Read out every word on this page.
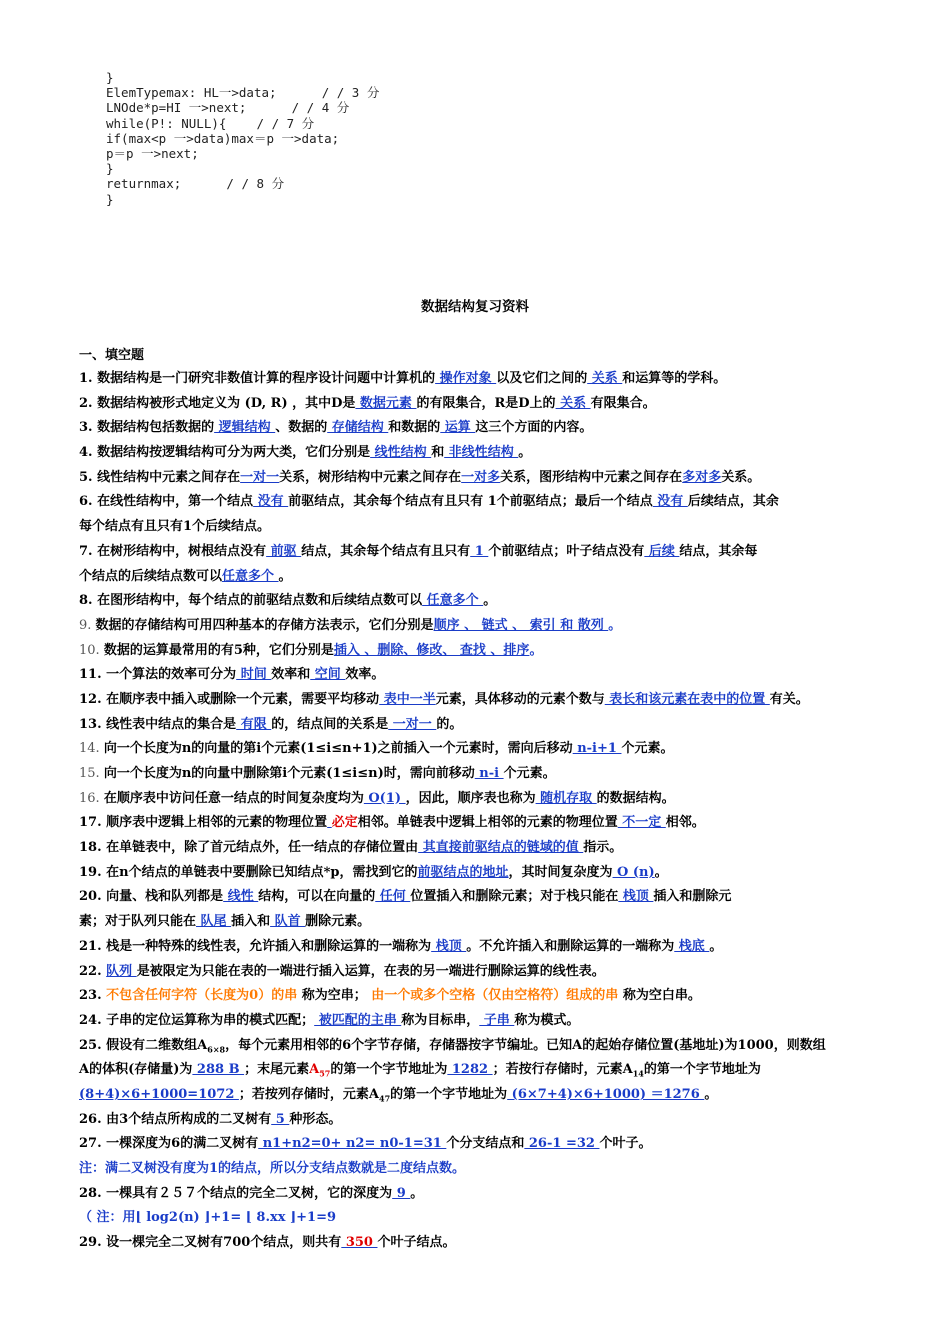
}
ElemTypemax: HL一>data;      / / 3 分
LNOde*p=HI 一>next;      / / 4 分
while(P!: NULL){    / / 7 分
if(max<p 一>data)max＝p 一>data;
p＝p 一>next;
}
returnmax;      / / 8 分
}
数据结构复习资料
一、填空题
1. 数据结构是一门研究非数值计算的程序设计问题中计算机的 操作对象 以及它们之间的 关系 和运算等的学科。
2. 数据结构被形式地定义为 (D, R) ，其中D是 数据元素 的有限集合，R是D上的 关系 有限集合。
3. 数据结构包括数据的 逻辑结构 、数据的 存储结构 和数据的 运算 这三个方面的内容。
4. 数据结构按逻辑结构可分为两大类，它们分别是 线性结构 和 非线性结构 。
5. 线性结构中元素之间存在一对一关系，树形结构中元素之间存在一对多关系，图形结构中元素之间存在多对多关系。
6. 在线性结构中，第一个结点 没有 前驱结点，其余每个结点有且只有 1个前驱结点；最后一个结点 没有 后续结点，其余
每个结点有且只有1个后续结点。
7. 在树形结构中，树根结点没有 前驱 结点，其余每个结点有且只有 1 个前驱结点；叶子结点没有 后续 结点，其余每
个结点的后续结点数可以任意多个 。
8. 在图形结构中，每个结点的前驱结点数和后续结点数可以 任意多个 。
9. 数据的存储结构可用四种基本的存储方法表示，它们分别是顺序 、 链式 、 索引 和 散列 。
10. 数据的运算最常用的有5种，它们分别是插入 、删除、修改、 查找 、排序。
11. 一个算法的效率可分为 时间 效率和 空间 效率。
12. 在顺序表中插入或删除一个元素，需要平均移动 表中一半元素，具体移动的元素个数与 表长和该元素在表中的位置 有关。
13. 线性表中结点的集合是 有限 的，结点间的关系是 一对一 的。
14. 向一个长度为n的向量的第i个元素(1≤i≤n+1)之前插入一个元素时，需向后移动 n-i+1 个元素。
15. 向一个长度为n的向量中删除第i个元素(1≤i≤n)时，需向前移动 n-i 个元素。
16. 在顺序表中访问任意一结点的时间复杂度均为 O(1) ，因此，顺序表也称为 随机存取 的数据结构。
17. 顺序表中逻辑上相邻的元素的物理位置 必定相邻。单链表中逻辑上相邻的元素的物理位置 不一定 相邻。
18. 在单链表中，除了首元结点外，任一结点的存储位置由 其直接前驱结点的链域的值 指示。
19. 在n个结点的单链表中要删除已知结点*p，需找到它的前驱结点的地址，其时间复杂度为 O (n)。
20. 向量、栈和队列都是 线性 结构，可以在向量的 任何 位置插入和删除元素；对于栈只能在 栈顶 插入和删除元
素；对于队列只能在 队尾 插入和 队首 删除元素。
21. 栈是一种特殊的线性表，允许插入和删除运算的一端称为 栈顶 。不允许插入和删除运算的一端称为 栈底 。
22. 队列 是被限定为只能在表的一端进行插入运算，在表的另一端进行删除运算的线性表。
23. 不包含任何字符（长度为0）的串 称为空串； 由一个或多个空格（仅由空格符）组成的串 称为空白串。
24. 子串的定位运算称为串的模式匹配； 被匹配的主串 称为目标串， 子串 称为模式。
25. 假设有二维数组$A_{6\times 8}$，每个元素用相邻的6个字节存储，存储器按字节编址。已知A的起始存储位置(基地址)为1000，则数组
A的体积(存储量)为 288 B ；末尾元素$A_{57}$的第一个字节地址为 1282 ；若按行存储时，元素$A_{14}$的第一个字节地址为
(8+4)×6+1000=1072 ；若按列存储时，元素$A_{47}$的第一个字节地址为 (6×7+4)×6+1000) ＝1276 。
26. 由3个结点所构成的二叉树有 5 种形态。
27. 一棵深度为6的满二叉树有 n1+n2=0+ n2= n0-1=31 个分支结点和 26-1 =32 个叶子。
注：满二叉树没有度为1的结点，所以分支结点数就是二度结点数。
28. 一棵具有２５７个结点的完全二叉树，它的深度为 9 。
（ 注：用⌊ log2(n) ⌋+1= ⌊ 8.xx ⌋+1=9
29. 设一棵完全二叉树有700个结点，则共有 350 个叶子结点。
